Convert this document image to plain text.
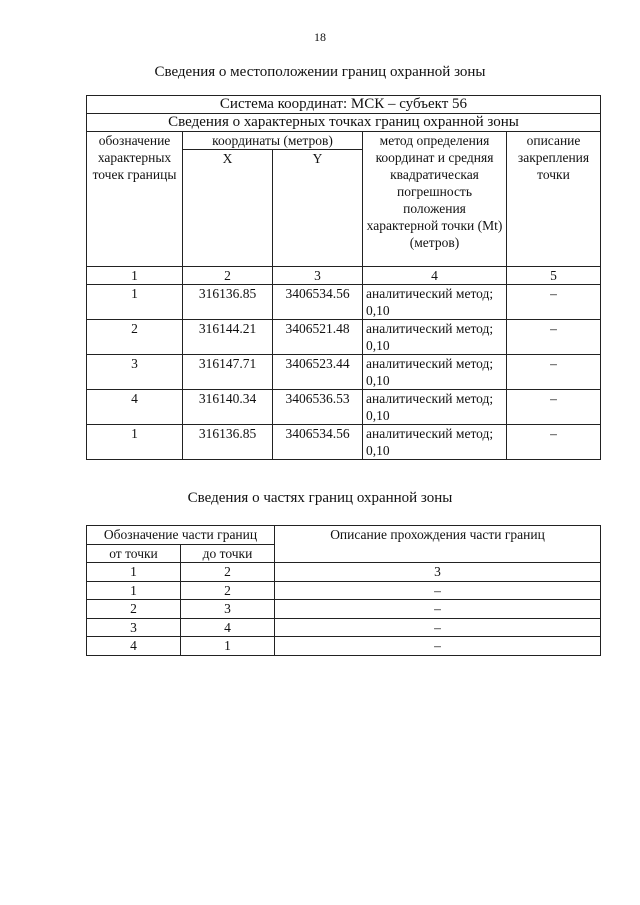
18
Сведения о местоположении границ охранной зоны
Система координат: МСК – субъект 56				
Сведения о характерных точках границ охранной зоны				
обозначение характерных точек границы	координаты (метров)		метод определения координат и средняя квадратическая погрешность положения характерной точки (Mt) (метров)	описание закрепления точки
	X	Y		
1	2	3	4	5
1	316136.85	3406534.56	аналитический метод; 0,10	–
2	316144.21	3406521.48	аналитический метод; 0,10	–
3	316147.71	3406523.44	аналитический метод; 0,10	–
4	316140.34	3406536.53	аналитический метод; 0,10	–
1	316136.85	3406534.56	аналитический метод; 0,10	–
Сведения о частях границ охранной зоны
Обозначение части границ		Описание прохождения части границ
от точки	до точки	
1	2	3
1	2	–
2	3	–
3	4	–
4	1	–
